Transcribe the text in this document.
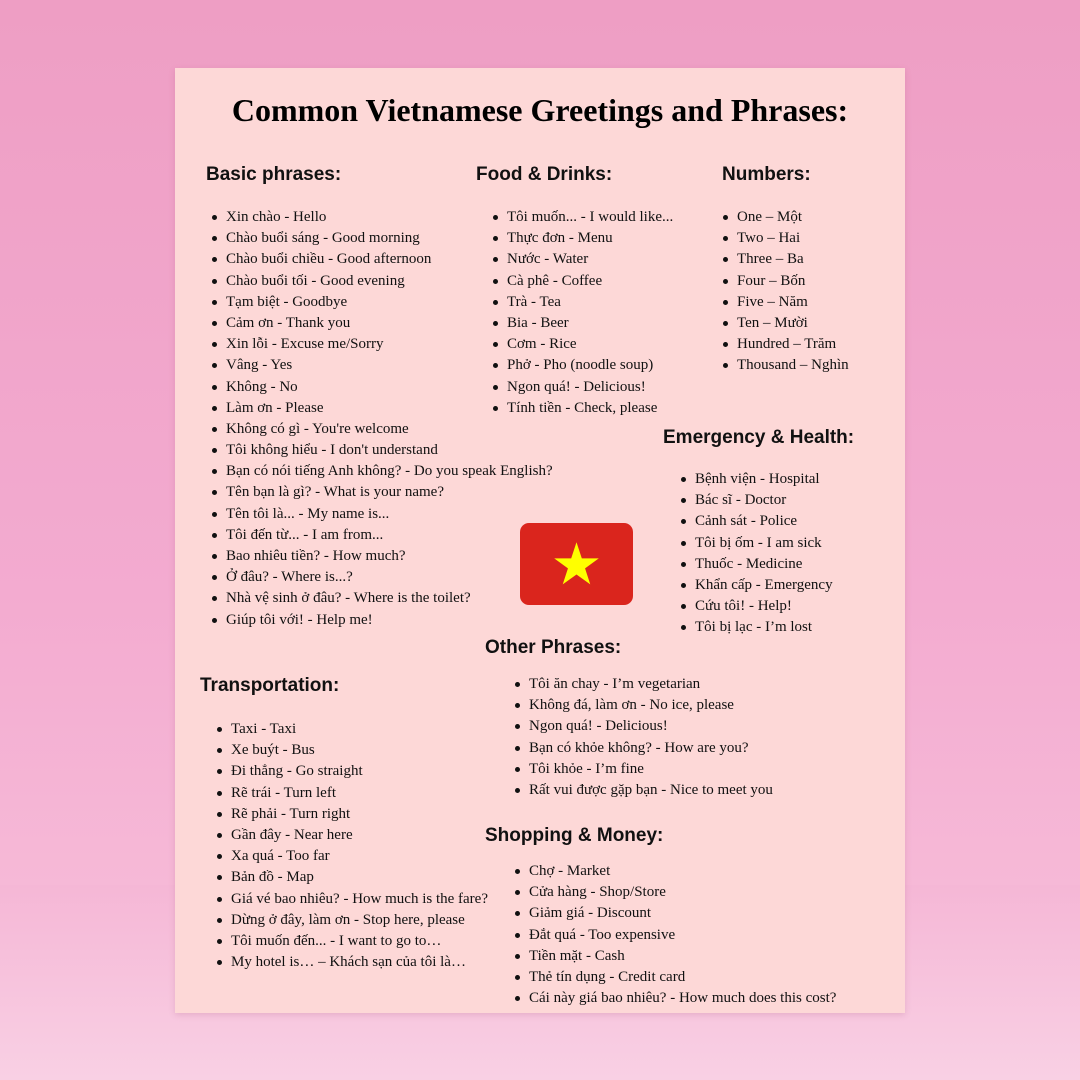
Common Vietnamese Greetings and Phrases:
Basic phrases:
Xin chào - Hello
Chào buổi sáng - Good morning
Chào buổi chiều - Good afternoon
Chào buổi tối - Good evening
Tạm biệt - Goodbye
Cảm ơn - Thank you
Xin lỗi - Excuse me/Sorry
Vâng - Yes
Không - No
Làm ơn - Please
Không có gì - You're welcome
Tôi không hiểu - I don't understand
Bạn có nói tiếng Anh không? - Do you speak English?
Tên bạn là gì? - What is your name?
Tên tôi là... - My name is...
Tôi đến từ... - I am from...
Bao nhiêu tiền? - How much?
Ở đâu? - Where is...?
Nhà vệ sinh ở đâu? - Where is the toilet?
Giúp tôi với! - Help me!
Food & Drinks:
Tôi muốn... - I would like...
Thực đơn - Menu
Nước - Water
Cà phê - Coffee
Trà - Tea
Bia - Beer
Cơm - Rice
Phở - Pho (noodle soup)
Ngon quá! - Delicious!
Tính tiền - Check, please
Numbers:
One – Một
Two – Hai
Three – Ba
Four – Bốn
Five – Năm
Ten – Mười
Hundred – Trăm
Thousand – Nghìn
Emergency & Health:
Bệnh viện - Hospital
Bác sĩ - Doctor
Cảnh sát - Police
Tôi bị ốm - I am sick
Thuốc - Medicine
Khẩn cấp - Emergency
Cứu tôi! - Help!
Tôi bị lạc - I’m lost
Other Phrases:
Tôi ăn chay - I’m vegetarian
Không đá, làm ơn - No ice, please
Ngon quá! - Delicious!
Bạn có khỏe không? - How are you?
Tôi khỏe - I’m fine
Rất vui được gặp bạn - Nice to meet you
Transportation:
Taxi - Taxi
Xe buýt - Bus
Đi thẳng - Go straight
Rẽ trái - Turn left
Rẽ phải - Turn right
Gần đây - Near here
Xa quá - Too far
Bản đồ - Map
Giá vé bao nhiêu? - How much is the fare?
Dừng ở đây, làm ơn - Stop here, please
Tôi muốn đến... - I want to go to…
My hotel is… – Khách sạn của tôi là…
Shopping & Money:
Chợ - Market
Cửa hàng - Shop/Store
Giảm giá - Discount
Đắt quá - Too expensive
Tiền mặt - Cash
Thẻ tín dụng - Credit card
Cái này giá bao nhiêu? - How much does this cost?
